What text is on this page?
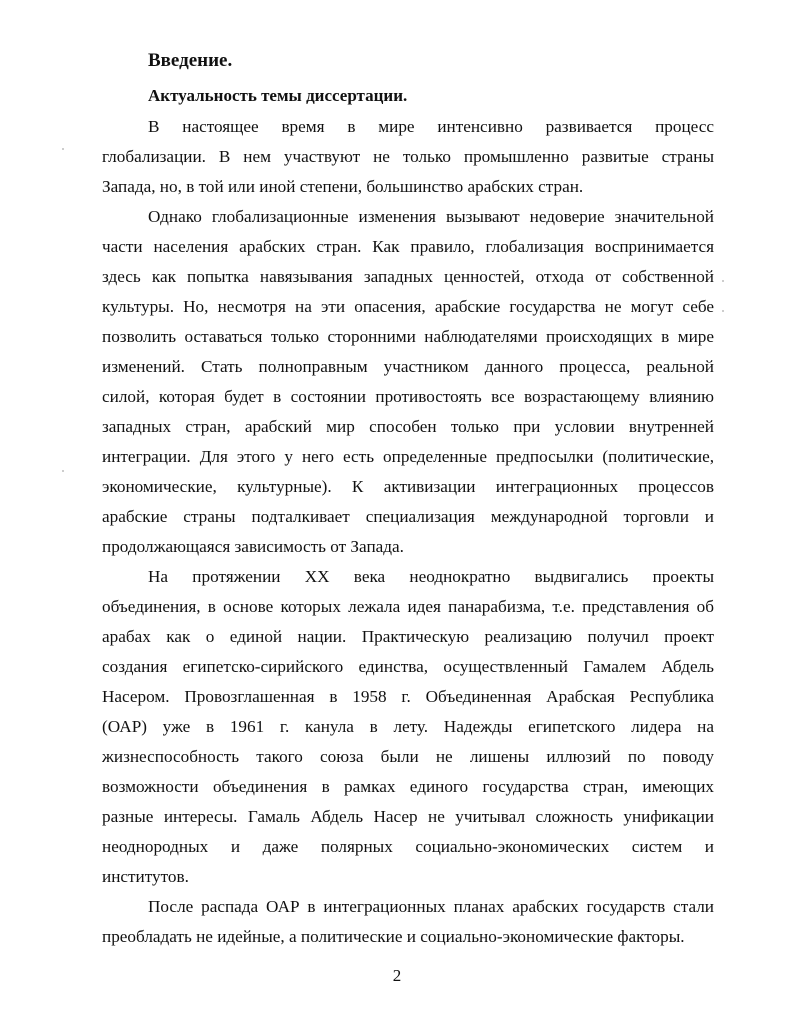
Введение.

Актуальность темы диссертации.

В настоящее время в мире интенсивно развивается процесс
глобализации. В нем участвуют не только промышленно развитые страны
Запада, но, в той или иной степени, большинство арабских стран.
Однако глобализационные изменения вызывают недоверие значительной
части населения арабских стран. Как правило, глобализация воспринимается
здесь как попытка навязывания западных ценностей, отхода от собственной
культуры. Но, несмотря на эти опасения, арабские государства не могут себе
позволить оставаться только сторонними наблюдателями происходящих в мире
изменений. Стать полноправным участником данного процесса, реальной
силой, которая будет в состоянии противостоять все возрастающему влиянию
западных стран, арабский мир способен только при условии внутренней
интеграции. Для этого у него есть определенные предпосылки (политические,
экономические, культурные). К активизации интеграционных процессов
арабские страны подталкивает специализация международной торговли и
продолжающаяся зависимость от Запада.
На протяжении XX века неоднократно выдвигались проекты
объединения, в основе которых лежала идея панарабизма, т.е. представления об
арабах как о единой нации. Практическую реализацию получил проект
создания египетско-сирийского единства, осуществленный Гамалем Абдель
Насером. Провозглашенная в 1958 г. Объединенная Арабская Республика
(ОАР) уже в 1961 г. канула в лету. Надежды египетского лидера на
жизнеспособность такого союза были не лишены иллюзий по поводу
возможности объединения в рамках единого государства стран, имеющих
разные интересы. Гамаль Абдель Насер не учитывал сложность унификации
неоднородных и даже полярных социально-экономических систем и
институтов.
После распада ОАР в интеграционных планах арабских государств стали
преобладать не идейные, а политические и социально-экономические факторы.

2
